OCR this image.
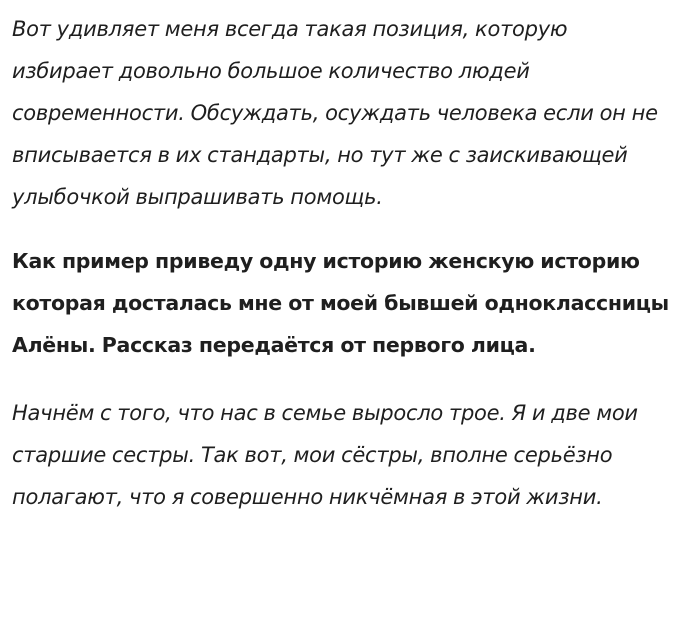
Вот удивляет меня всегда такая позиция, которую избирает довольно большое количество людей современности. Обсуждать, осуждать человека если он не вписывается в их стандарты, но тут же с заискивающей улыбочкой выпрашивать помощь.

Как пример приведу одну историю женскую историю которая досталась мне от моей бывшей одноклассницы Алёны. Рассказ передаётся от первого лица.

Начнём с того, что нас в семье выросло трое. Я и две мои старшие сестры. Так вот, мои сёстры, вполне серьёзно полагают, что я совершенно никчёмная в этой жизни.
